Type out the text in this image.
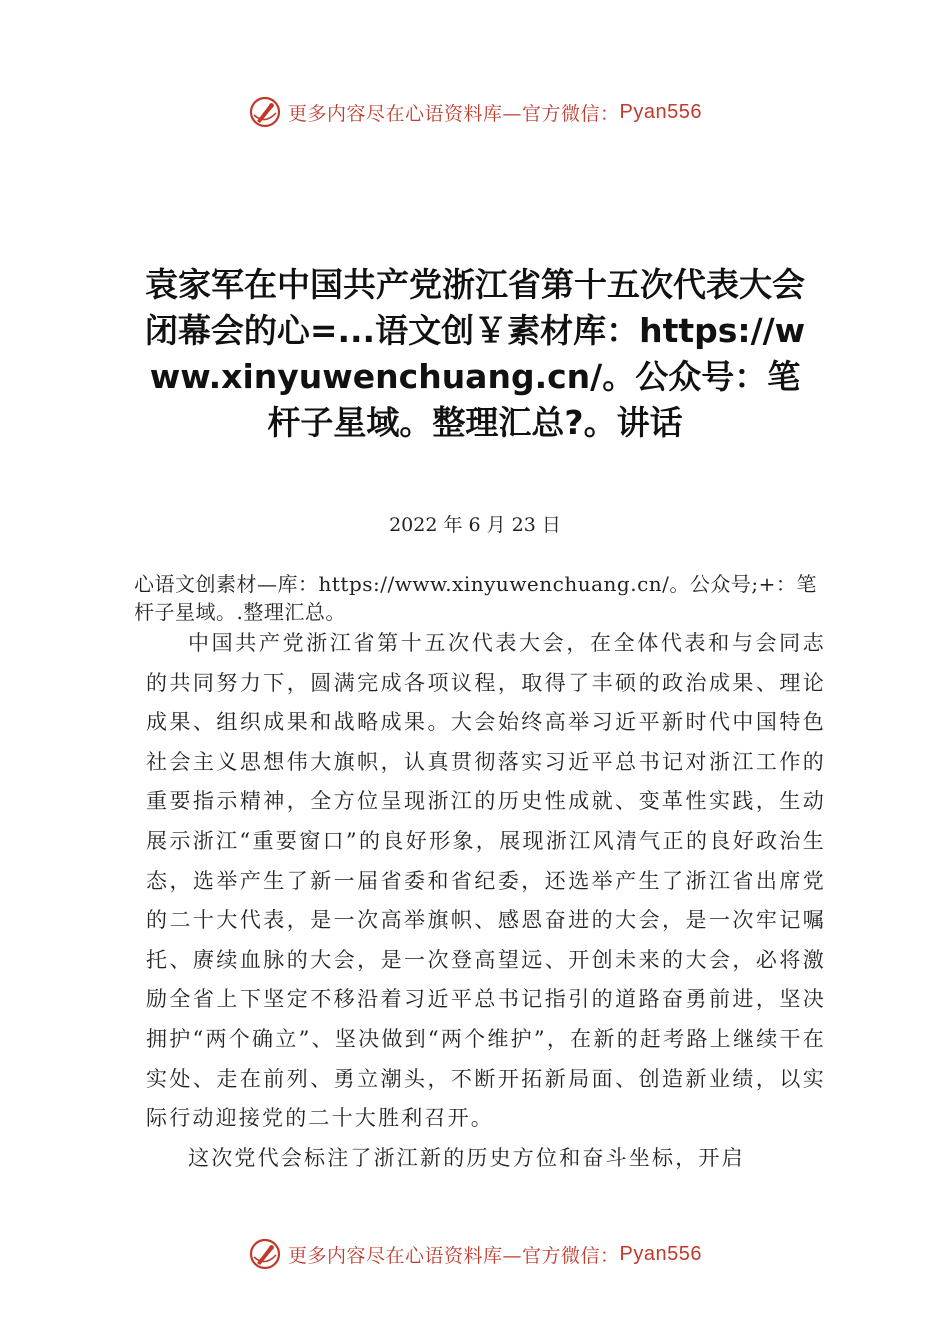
更多内容尽在心语资料库—官方微信： Pyan556
袁家军在中国共产党浙江省第十五次代表大会闭幕会的心=...语文创￥素材库：https://www.xinyuwenchuang.cn/。公众号：笔杆子星域。整理汇总?。讲话
2022 年 6 月 23 日
心语文创素材—库：https://www.xinyuwenchuang.cn/。公众号;+：笔杆子星域。.整理汇总。

中国共产党浙江省第十五次代表大会，在全体代表和与会同志的共同努力下，圆满完成各项议程，取得了丰硕的政治成果、理论成果、组织成果和战略成果。大会始终高举习近平新时代中国特色社会主义思想伟大旗帜，认真贯彻落实习近平总书记对浙江工作的重要指示精神，全方位呈现浙江的历史性成就、变革性实践，生动展示浙江“重要窗口”的良好形象，展现浙江风清气正的良好政治生态，选举产生了新一届省委和省纪委，还选举产生了浙江省出席党的二十大代表，是一次高举旗帜、感恩奋进的大会，是一次牢记嘱托、赓续血脉的大会，是一次登高望远、开创未来的大会，必将激励全省上下坚定不移沿着习近平总书记指引的道路奋勇前进，坚决拥护“两个确立”、坚决做到“两个维护”，在新的赶考路上继续干在实处、走在前列、勇立潮头，不断开拓新局面、创造新业绩，以实际行动迎接党的二十大胜利召开。

这次党代会标注了浙江新的历史方位和奋斗坐标，开启

更多内容尽在心语资料库—官方微信： Pyan556
